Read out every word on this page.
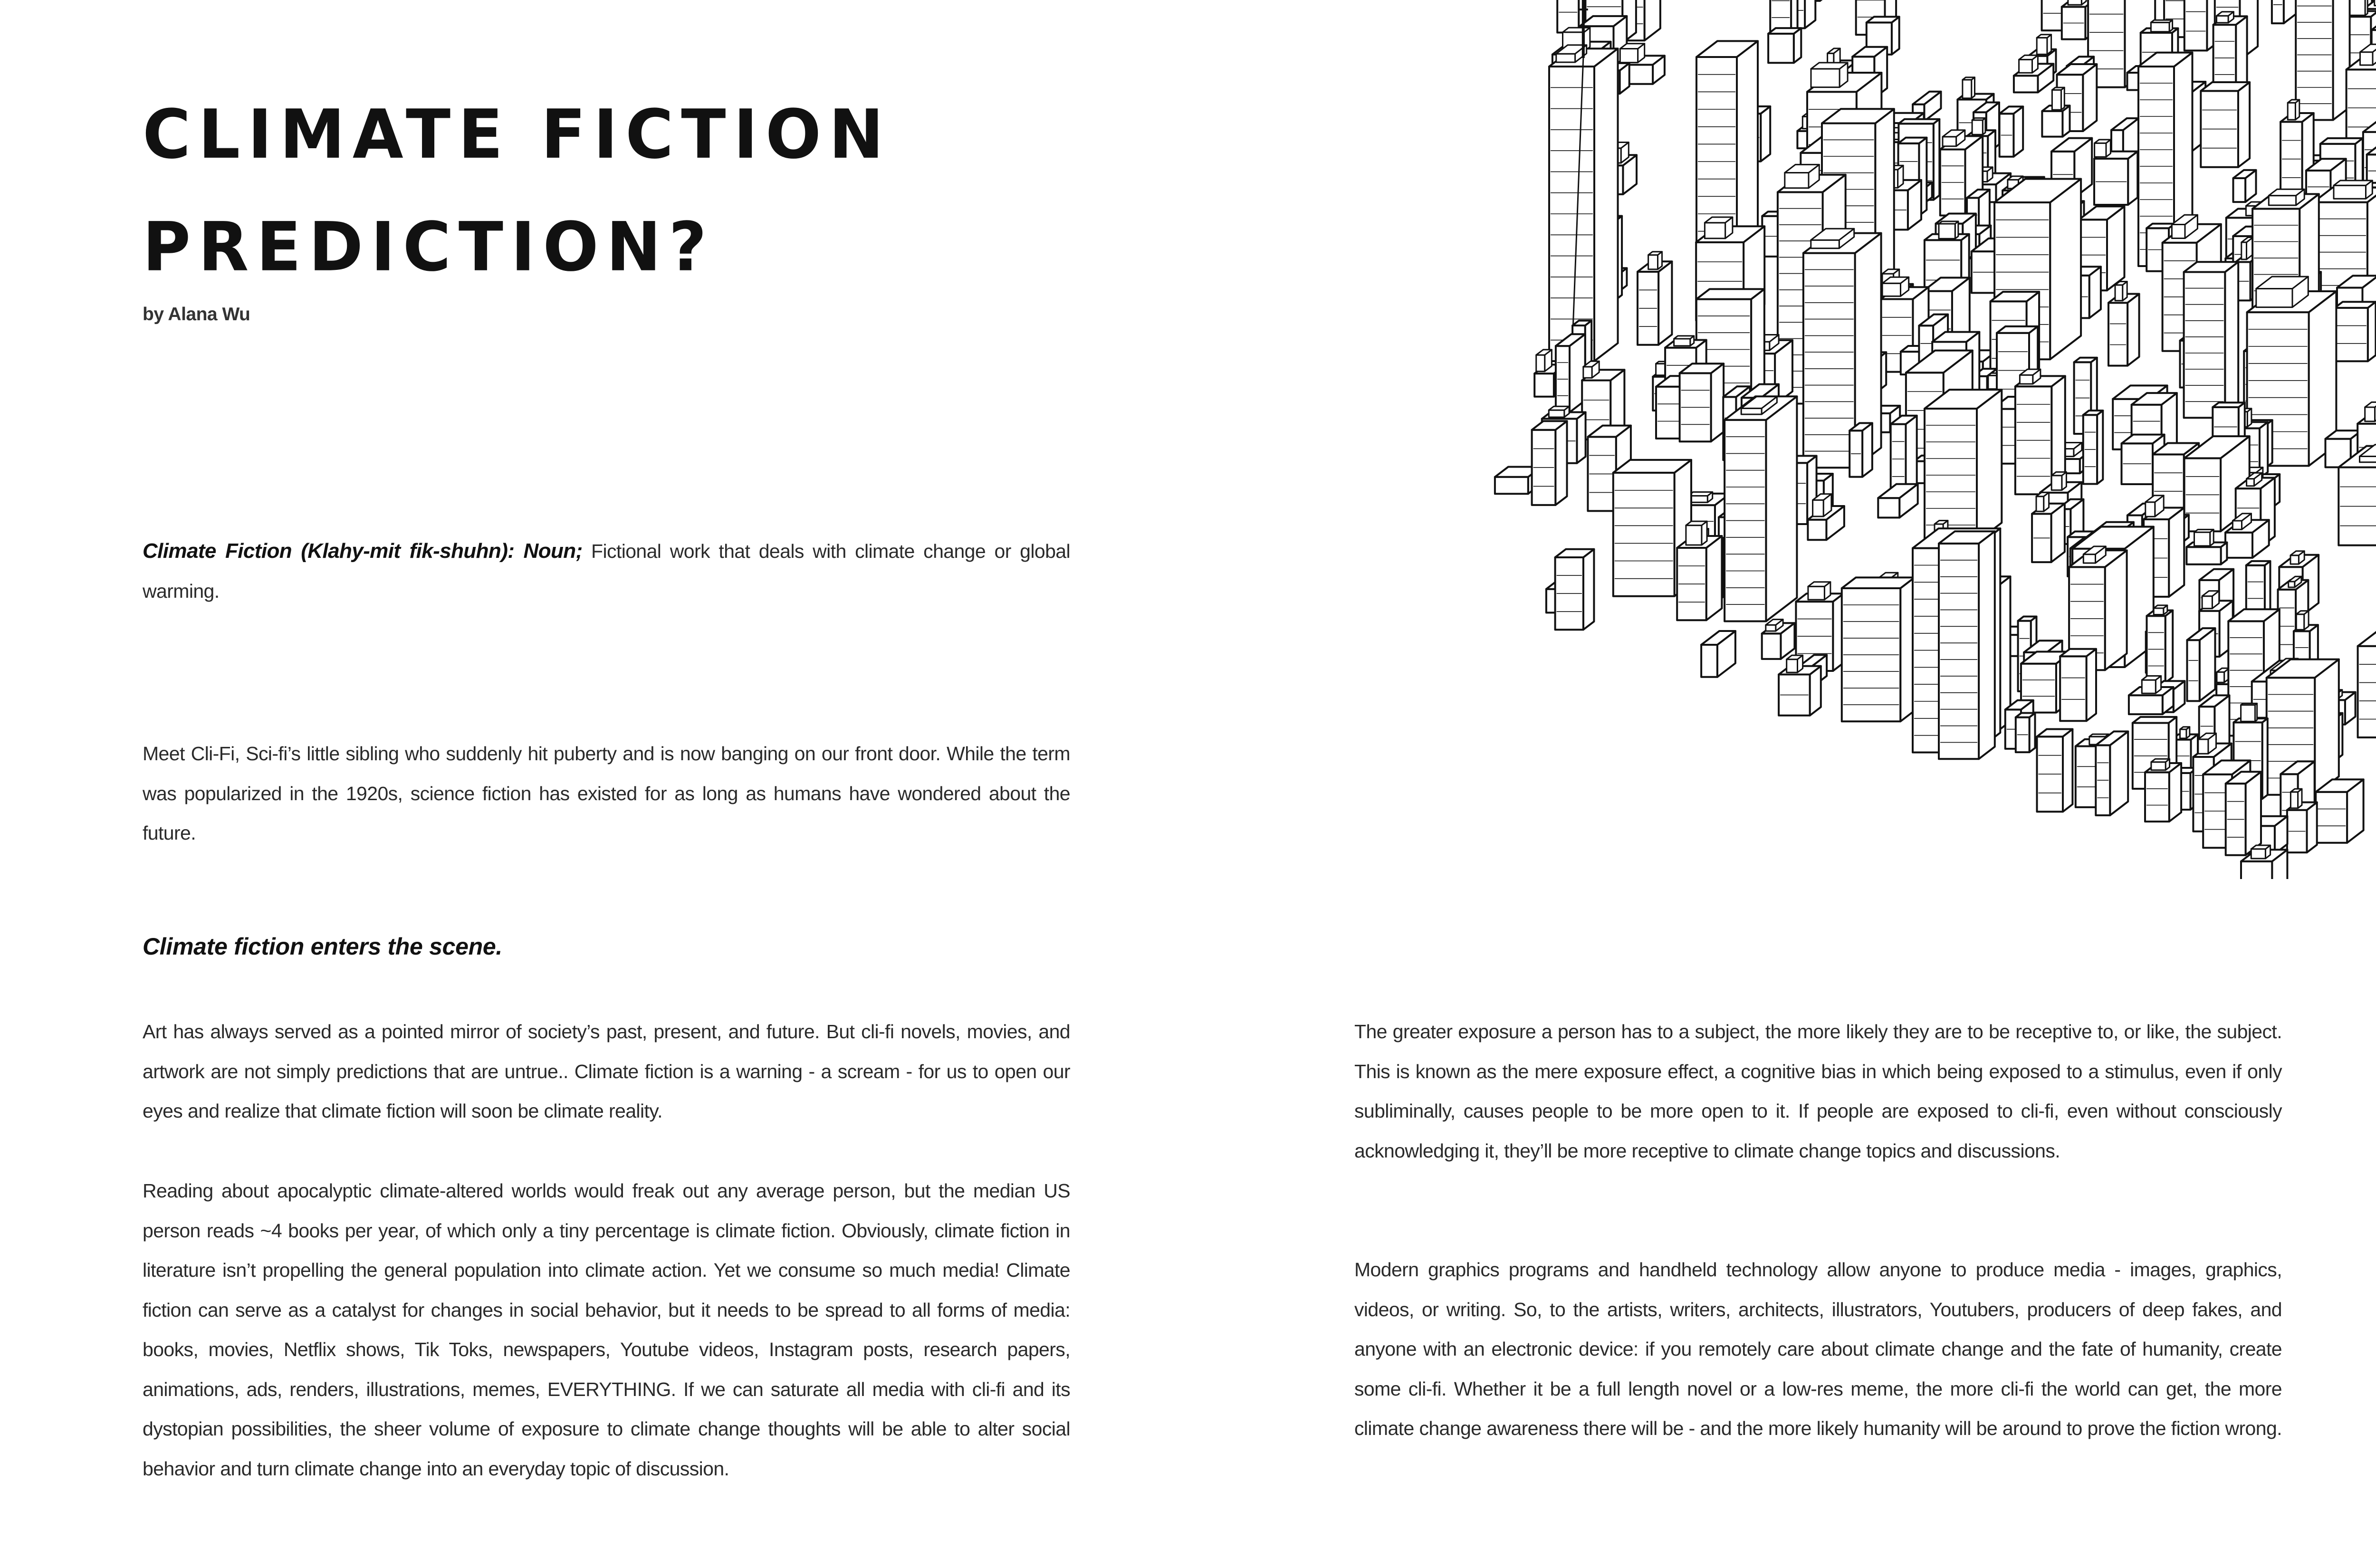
CLIMATE FICTION
PREDICTION?

by Alana Wu

Climate Fiction (Klahy-mit fik-shuhn): Noun; Fictional work that deals with climate change or global warming.

Meet Cli-Fi, Sci-fi’s little sibling who suddenly hit puberty and is now banging on our front door. While the term was popularized in the 1920s, science fiction has existed for as long as humans have wondered about the future.

Climate fiction enters the scene.

Art has always served as a pointed mirror of society’s past, present, and future. But cli-fi novels, movies, and artwork are not simply predictions that are untrue.. Climate fiction is a warning - a scream - for us to open our eyes and realize that climate fiction will soon be climate reality.

Reading about apocalyptic climate-altered worlds would freak out any average person, but the median US person reads ~4 books per year, of which only a tiny percentage is climate fiction. Obviously, climate fiction in literature isn’t propelling the general population into climate action. Yet we consume so much media! Climate fiction can serve as a catalyst for changes in social behavior, but it needs to be spread to all forms of media: books, movies, Netflix shows, Tik Toks, newspapers, Youtube videos, Instagram posts, research papers, animations, ads, renders, illustrations, memes, EVERYTHING. If we can saturate all media with cli-fi and its dystopian possibilities, the sheer volume of exposure to climate change thoughts will be able to alter social behavior and turn climate change into an everyday topic of discussion.

The greater exposure a person has to a subject, the more likely they are to be receptive to, or like, the subject. This is known as the mere exposure effect, a cognitive bias in which being exposed to a stimulus, even if only subliminally, causes people to be more open to it. If people are exposed to cli-fi, even without consciously acknowledging it, they’ll be more receptive to climate change topics and discussions.

Modern graphics programs and handheld technology allow anyone to produce media - images, graphics, videos, or writing. So, to the artists, writers, architects, illustrators, Youtubers, producers of deep fakes, and anyone with an electronic device: if you remotely care about climate change and the fate of humanity, create some cli-fi. Whether it be a full length novel or a low-res meme, the more cli-fi the world can get, the more climate change awareness there will be - and the more likely humanity will be around to prove the fiction wrong.
